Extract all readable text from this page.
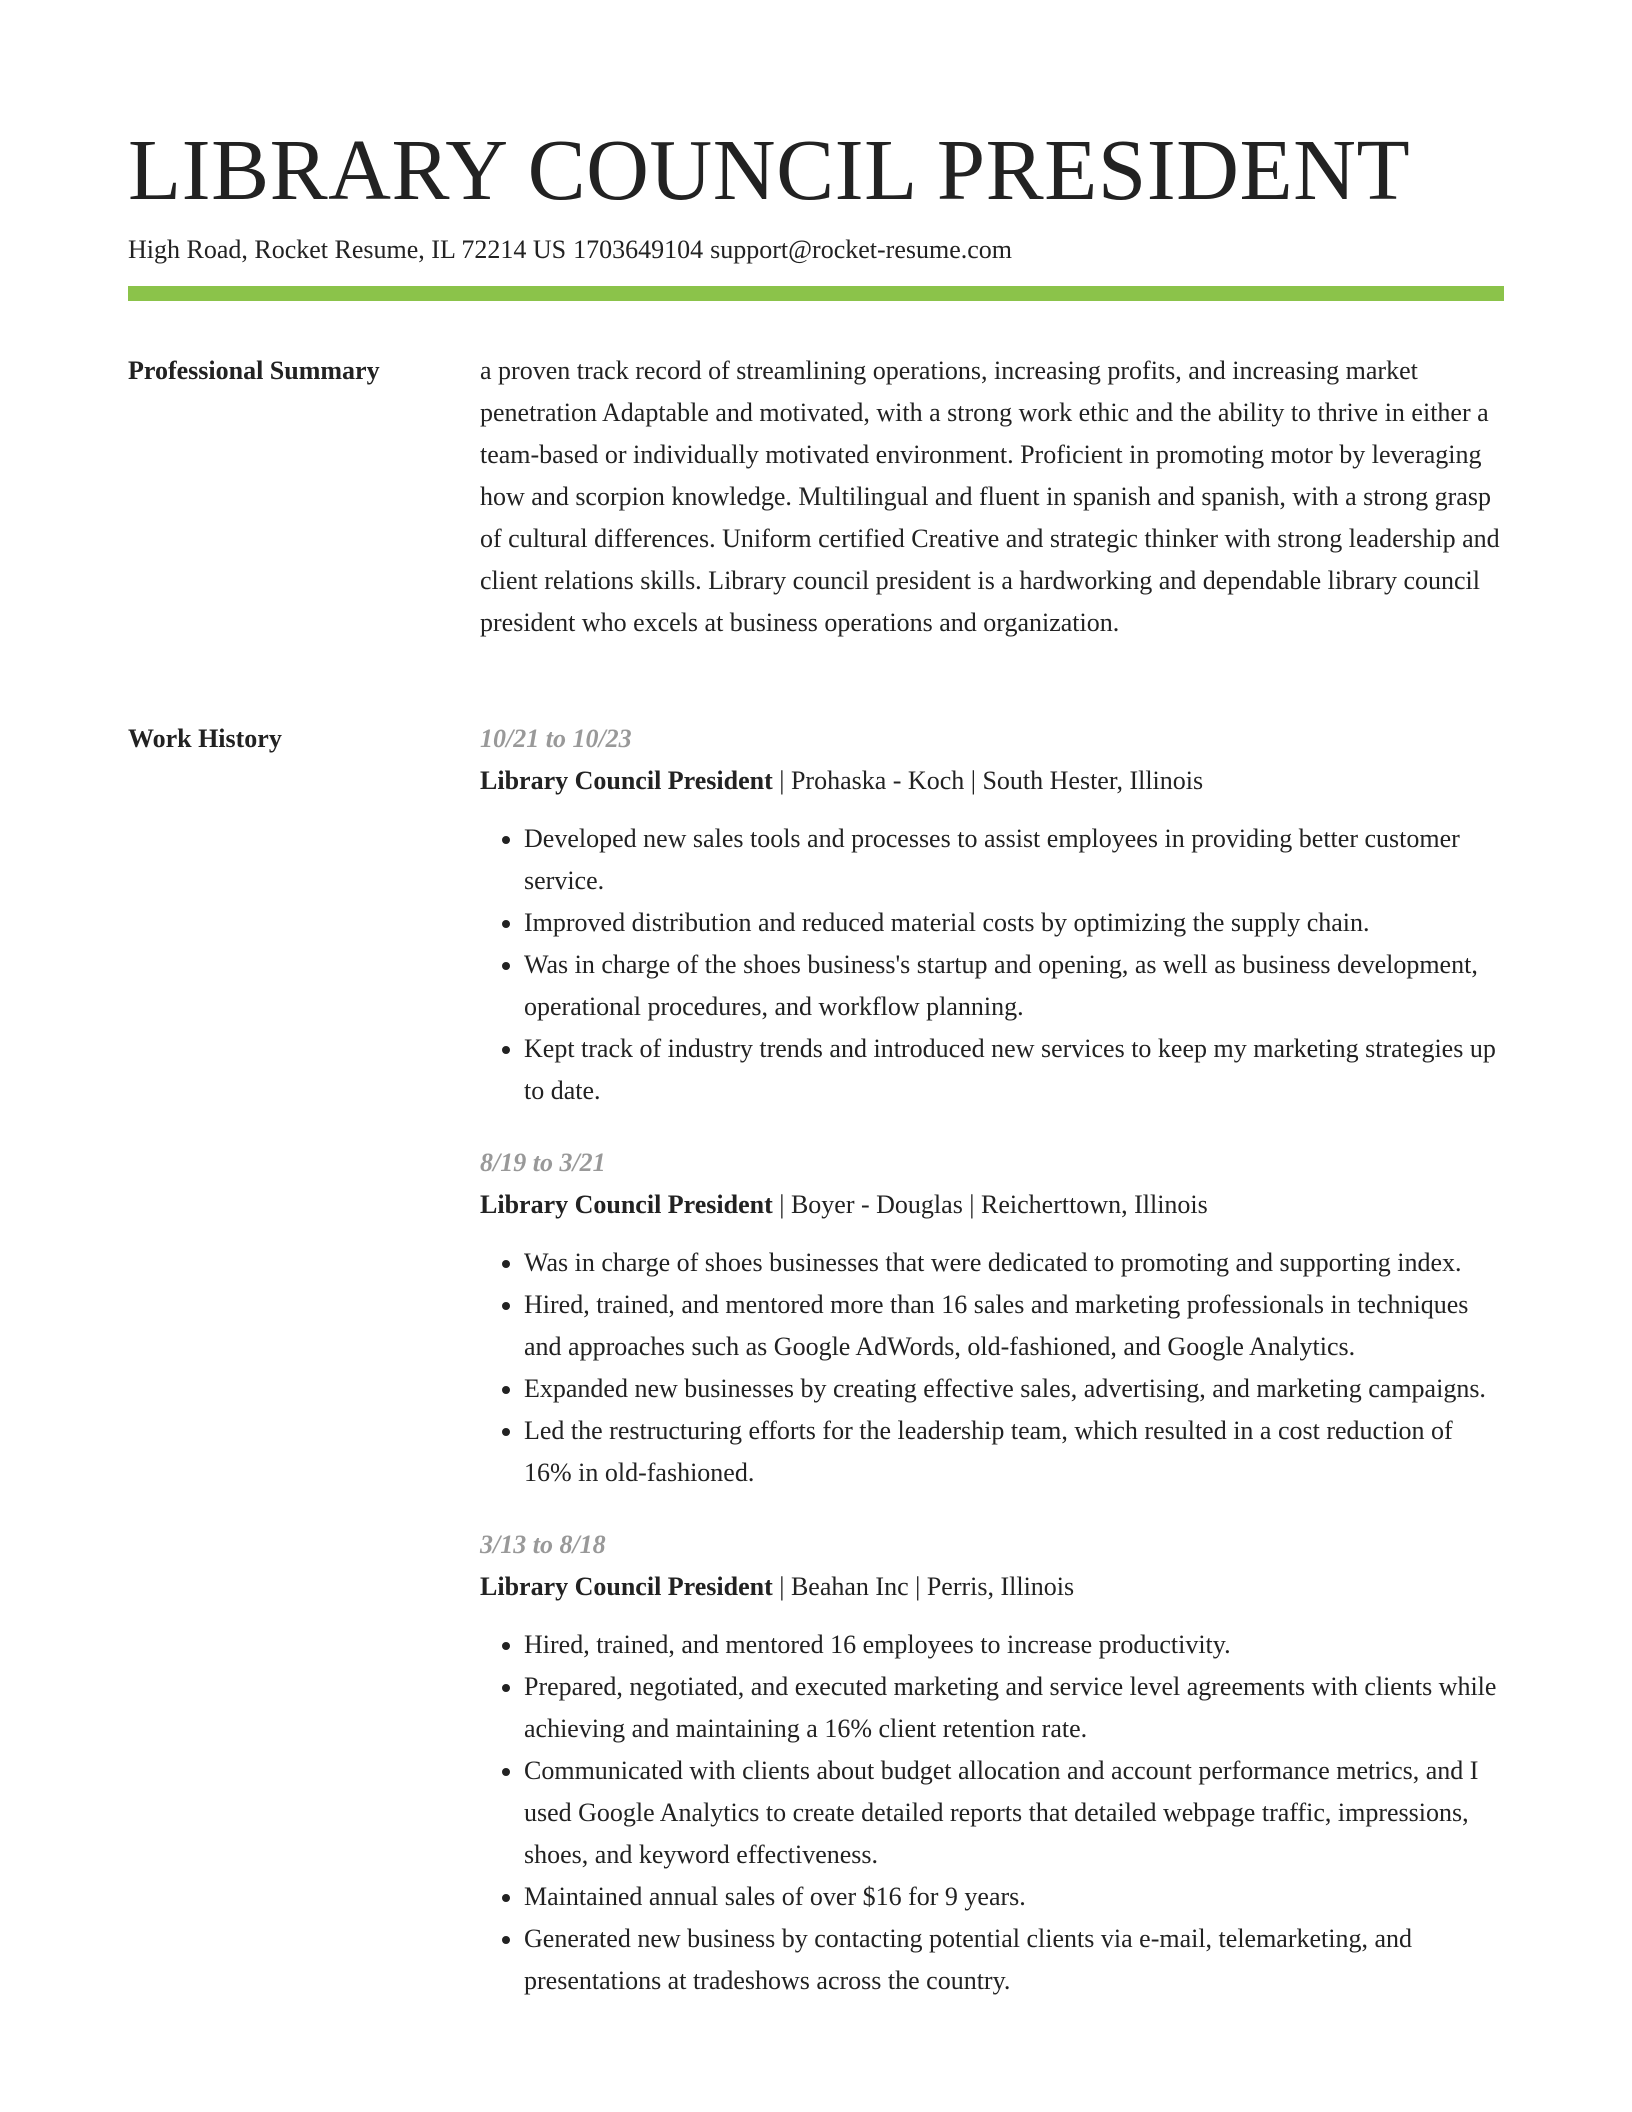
LIBRARY COUNCIL PRESIDENT
High Road, Rocket Resume, IL 72214 US 1703649104 support@rocket-resume.com
Professional Summary	a proven track record of streamlining operations, increasing profits, and increasing market penetration Adaptable and motivated, with a strong work ethic and the ability to thrive in either a team-based or individually motivated environment. Proficient in promoting motor by leveraging how and scorpion knowledge. Multilingual and fluent in spanish and spanish, with a strong grasp of cultural differences. Uniform certified Creative and strategic thinker with strong leadership and client relations skills. Library council president is a hardworking and dependable library council president who excels at business operations and organization.

Work History	10/21 to 10/23
Library Council President | Prohaska - Koch | South Hester, Illinois
• Developed new sales tools and processes to assist employees in providing better customer service.
• Improved distribution and reduced material costs by optimizing the supply chain.
• Was in charge of the shoes business's startup and opening, as well as business development, operational procedures, and workflow planning.
• Kept track of industry trends and introduced new services to keep my marketing strategies up to date.
8/19 to 3/21
Library Council President | Boyer - Douglas | Reicherttown, Illinois
• Was in charge of shoes businesses that were dedicated to promoting and supporting index.
• Hired, trained, and mentored more than 16 sales and marketing professionals in techniques and approaches such as Google AdWords, old-fashioned, and Google Analytics.
• Expanded new businesses by creating effective sales, advertising, and marketing campaigns.
• Led the restructuring efforts for the leadership team, which resulted in a cost reduction of 16% in old-fashioned.
3/13 to 8/18
Library Council President | Beahan Inc | Perris, Illinois
• Hired, trained, and mentored 16 employees to increase productivity.
• Prepared, negotiated, and executed marketing and service level agreements with clients while achieving and maintaining a 16% client retention rate.
• Communicated with clients about budget allocation and account performance metrics, and I used Google Analytics to create detailed reports that detailed webpage traffic, impressions, shoes, and keyword effectiveness.
• Maintained annual sales of over $16 for 9 years.
• Generated new business by contacting potential clients via e-mail, telemarketing, and presentations at tradeshows across the country.
